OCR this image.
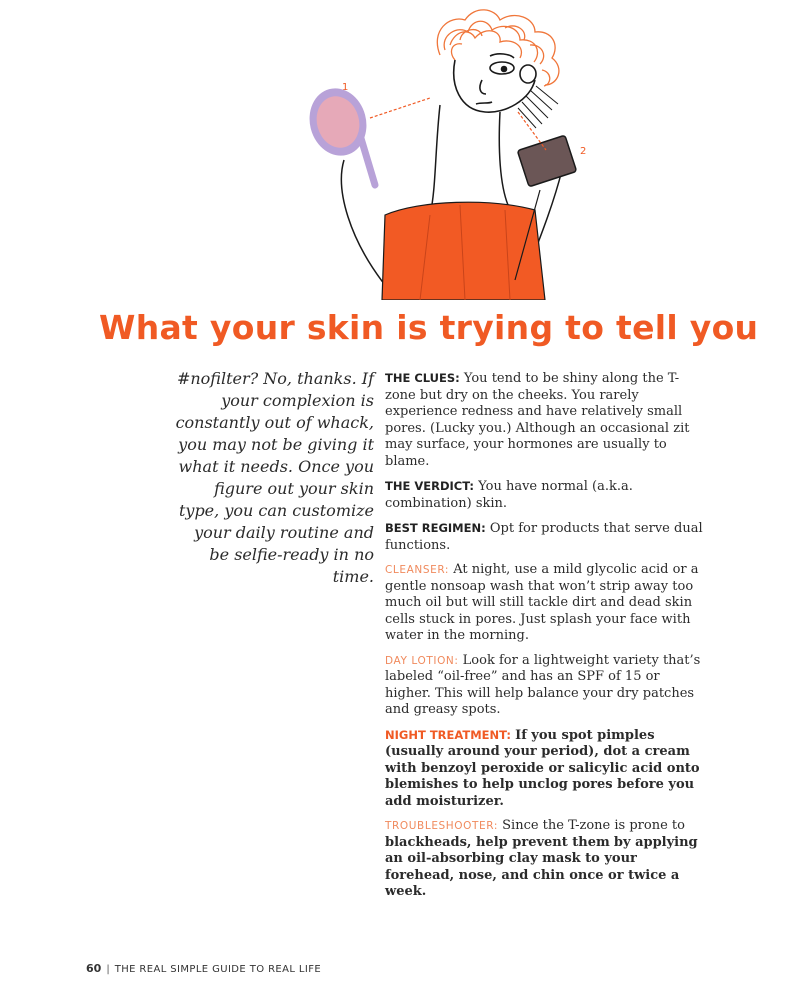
1
2
What your skin is trying to tell you

#nofilter? No, thanks. If your complexion is constantly out of whack, you may not be giving it what it needs. Once you figure out your skin type, you can customize your daily routine and be selfie-ready in no time.

THE CLUES: You tend to be shiny along the T-zone but dry on the cheeks. You rarely experience redness and have relatively small pores. (Lucky you.) Although an occasional zit may surface, your hormones are usually to blame.

THE VERDICT: You have normal (a.k.a. combination) skin.

BEST REGIMEN: Opt for products that serve dual functions.

CLEANSER: At night, use a mild glycolic acid or a gentle nonsoap wash that won’t strip away too much oil but will still tackle dirt and dead skin cells stuck in pores. Just splash your face with water in the morning.

DAY LOTION: Look for a lightweight variety that’s labeled “oil-free” and has an SPF of 15 or higher. This will help balance your dry patches and greasy spots.

NIGHT TREATMENT: If you spot pimples (usually around your period), dot a cream with benzoyl peroxide or salicylic acid onto blemishes to help unclog pores before you add moisturizer.

TROUBLESHOOTER: Since the T-zone is prone to blackheads, help prevent them by applying an oil-absorbing clay mask to your forehead, nose, and chin once or twice a week.

60 | THE REAL SIMPLE GUIDE TO REAL LIFE
